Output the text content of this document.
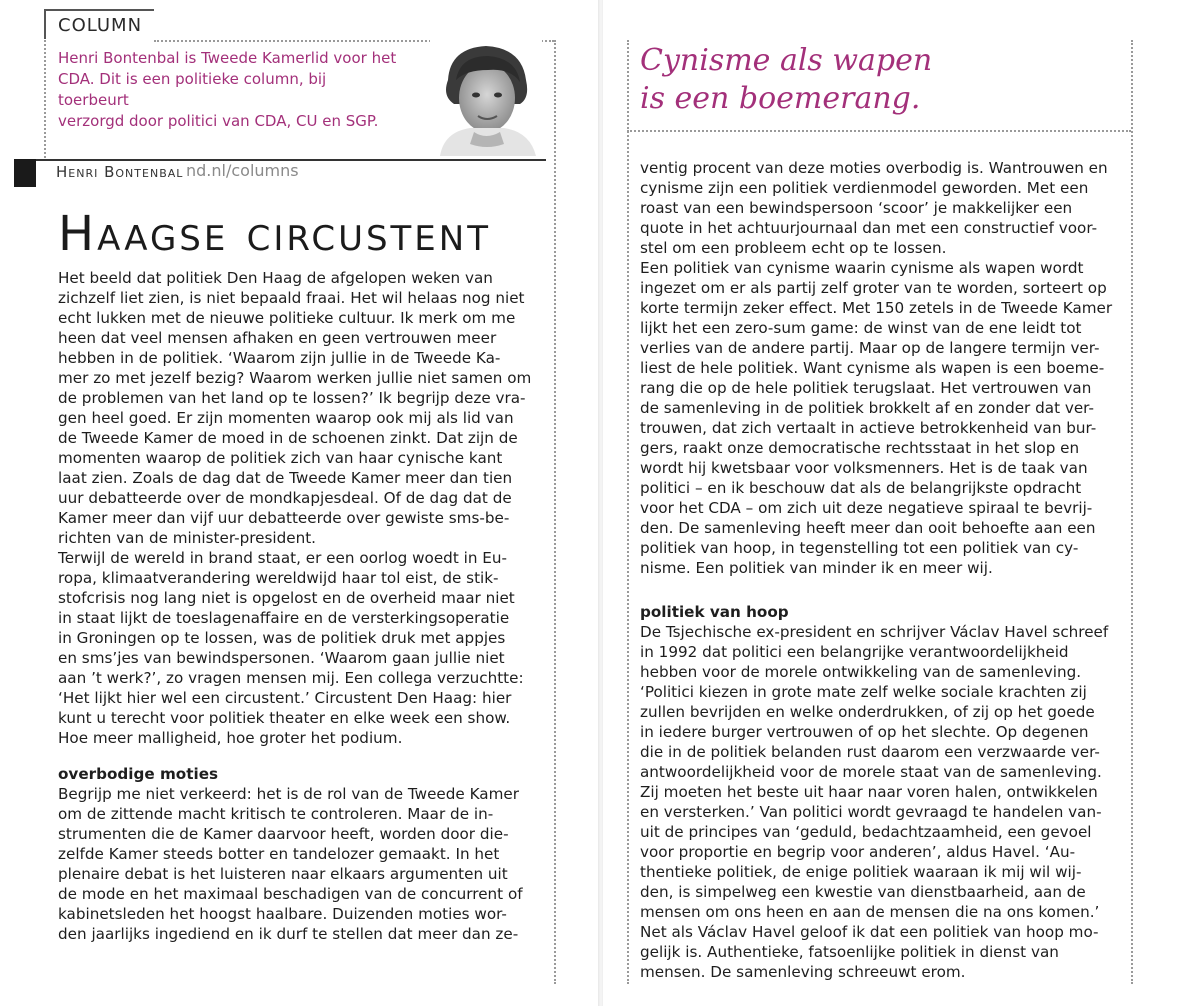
COLUMN
Henri Bontenbal is Tweede Kamerlid voor het
CDA. Dit is een politieke column, bij toerbeurt
verzorgd door politici van CDA, CU en SGP.
Henri Bontenbal nd.nl/columns
Haagse circustent

Het beeld dat politiek Den Haag de afgelopen weken van
zichzelf liet zien, is niet bepaald fraai. Het wil helaas nog niet
echt lukken met de nieuwe politieke cultuur. Ik merk om me
heen dat veel mensen afhaken en geen vertrouwen meer
hebben in de politiek. ‘Waarom zijn jullie in de Tweede Ka-
mer zo met jezelf bezig? Waarom werken jullie niet samen om
de problemen van het land op te lossen?’ Ik begrijp deze vra-
gen heel goed. Er zijn momenten waarop ook mij als lid van
de Tweede Kamer de moed in de schoenen zinkt. Dat zijn de
momenten waarop de politiek zich van haar cynische kant
laat zien. Zoals de dag dat de Tweede Kamer meer dan tien
uur debatteerde over de mondkapjesdeal. Of de dag dat de
Kamer meer dan vijf uur debatteerde over gewiste sms-be-
richten van de minister-president.

Terwijl de wereld in brand staat, er een oorlog woedt in Eu-
ropa, klimaatverandering wereldwijd haar tol eist, de stik-
stofcrisis nog lang niet is opgelost en de overheid maar niet
in staat lijkt de toeslagenaffaire en de versterkingsoperatie
in Groningen op te lossen, was de politiek druk met appjes
en sms’jes van bewindspersonen. ‘Waarom gaan jullie niet
aan ’t werk?’, zo vragen mensen mij. Een collega verzuchtte:
‘Het lijkt hier wel een circustent.’ Circustent Den Haag: hier
kunt u terecht voor politiek theater en elke week een show.
Hoe meer malligheid, hoe groter het podium.

overbodige moties

Begrijp me niet verkeerd: het is de rol van de Tweede Kamer
om de zittende macht kritisch te controleren. Maar de in-
strumenten die de Kamer daarvoor heeft, worden door die-
zelfde Kamer steeds botter en tandelozer gemaakt. In het
plenaire debat is het luisteren naar elkaars argumenten uit
de mode en het maximaal beschadigen van de concurrent of
kabinetsleden het hoogst haalbare. Duizenden moties wor-
den jaarlijks ingediend en ik durf te stellen dat meer dan ze-

Cynisme als wapen
is een boemerang.

ventig procent van deze moties overbodig is. Wantrouwen en
cynisme zijn een politiek verdienmodel geworden. Met een
roast van een bewindspersoon ‘scoor’ je makkelijker een
quote in het achtuurjournaal dan met een constructief voor-
stel om een probleem echt op te lossen.

Een politiek van cynisme waarin cynisme als wapen wordt
ingezet om er als partij zelf groter van te worden, sorteert op
korte termijn zeker effect. Met 150 zetels in de Tweede Kamer
lijkt het een zero-sum game: de winst van de ene leidt tot
verlies van de andere partij. Maar op de langere termijn ver-
liest de hele politiek. Want cynisme als wapen is een boeme-
rang die op de hele politiek terugslaat. Het vertrouwen van
de samenleving in de politiek brokkelt af en zonder dat ver-
trouwen, dat zich vertaalt in actieve betrokkenheid van bur-
gers, raakt onze democratische rechtsstaat in het slop en
wordt hij kwetsbaar voor volksmenners. Het is de taak van
politici – en ik beschouw dat als de belangrijkste opdracht
voor het CDA – om zich uit deze negatieve spiraal te bevrij-
den. De samenleving heeft meer dan ooit behoefte aan een
politiek van hoop, in tegenstelling tot een politiek van cy-
nisme. Een politiek van minder ik en meer wij.

politiek van hoop

De Tsjechische ex-president en schrijver Václav Havel schreef
in 1992 dat politici een belangrijke verantwoordelijkheid
hebben voor de morele ontwikkeling van de samenleving.
‘Politici kiezen in grote mate zelf welke sociale krachten zij
zullen bevrijden en welke onderdrukken, of zij op het goede
in iedere burger vertrouwen of op het slechte. Op degenen
die in de politiek belanden rust daarom een verzwaarde ver-
antwoordelijkheid voor de morele staat van de samenleving.
Zij moeten het beste uit haar naar voren halen, ontwikkelen
en versterken.’ Van politici wordt gevraagd te handelen van-
uit de principes van ‘geduld, bedachtzaamheid, een gevoel
voor proportie en begrip voor anderen’, aldus Havel. ‘Au-
thentieke politiek, de enige politiek waaraan ik mij wil wij-
den, is simpelweg een kwestie van dienstbaarheid, aan de
mensen om ons heen en aan de mensen die na ons komen.’
Net als Václav Havel geloof ik dat een politiek van hoop mo-
gelijk is. Authentieke, fatsoenlijke politiek in dienst van
mensen. De samenleving schreeuwt erom.
